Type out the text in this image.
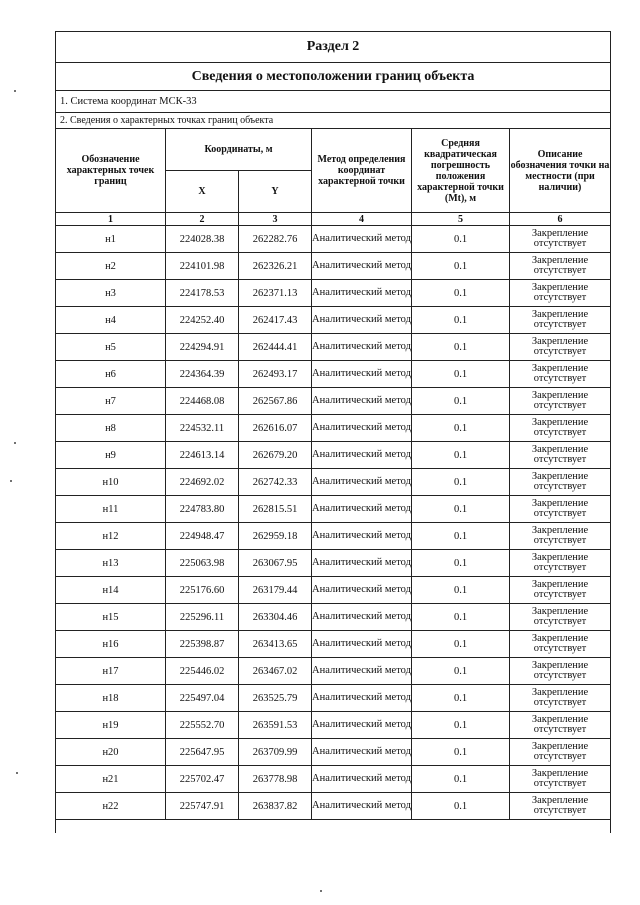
Раздел 2					
Сведения о местоположении границ объекта					
1. Система координат МСК-33					
2. Сведения о характерных точках границ объекта					
Обозначение характерных точек границ	Координаты, м		Метод определения координат характерной точки	Средняя квадратическая погрешность положения характерной точки (Mt), м	Описание обозначения точки на местности (при наличии)
	X	Y			
1	2	3	4	5	6
н1	224028.38	262282.76	Аналитический метод	0.1	Закрепление отсутствует
н2	224101.98	262326.21	Аналитический метод	0.1	Закрепление отсутствует
н3	224178.53	262371.13	Аналитический метод	0.1	Закрепление отсутствует
н4	224252.40	262417.43	Аналитический метод	0.1	Закрепление отсутствует
н5	224294.91	262444.41	Аналитический метод	0.1	Закрепление отсутствует
н6	224364.39	262493.17	Аналитический метод	0.1	Закрепление отсутствует
н7	224468.08	262567.86	Аналитический метод	0.1	Закрепление отсутствует
н8	224532.11	262616.07	Аналитический метод	0.1	Закрепление отсутствует
н9	224613.14	262679.20	Аналитический метод	0.1	Закрепление отсутствует
н10	224692.02	262742.33	Аналитический метод	0.1	Закрепление отсутствует
н11	224783.80	262815.51	Аналитический метод	0.1	Закрепление отсутствует
н12	224948.47	262959.18	Аналитический метод	0.1	Закрепление отсутствует
н13	225063.98	263067.95	Аналитический метод	0.1	Закрепление отсутствует
н14	225176.60	263179.44	Аналитический метод	0.1	Закрепление отсутствует
н15	225296.11	263304.46	Аналитический метод	0.1	Закрепление отсутствует
н16	225398.87	263413.65	Аналитический метод	0.1	Закрепление отсутствует
н17	225446.02	263467.02	Аналитический метод	0.1	Закрепление отсутствует
н18	225497.04	263525.79	Аналитический метод	0.1	Закрепление отсутствует
н19	225552.70	263591.53	Аналитический метод	0.1	Закрепление отсутствует
н20	225647.95	263709.99	Аналитический метод	0.1	Закрепление отсутствует
н21	225702.47	263778.98	Аналитический метод	0.1	Закрепление отсутствует
н22	225747.91	263837.82	Аналитический метод	0.1	Закрепление отсутствует
